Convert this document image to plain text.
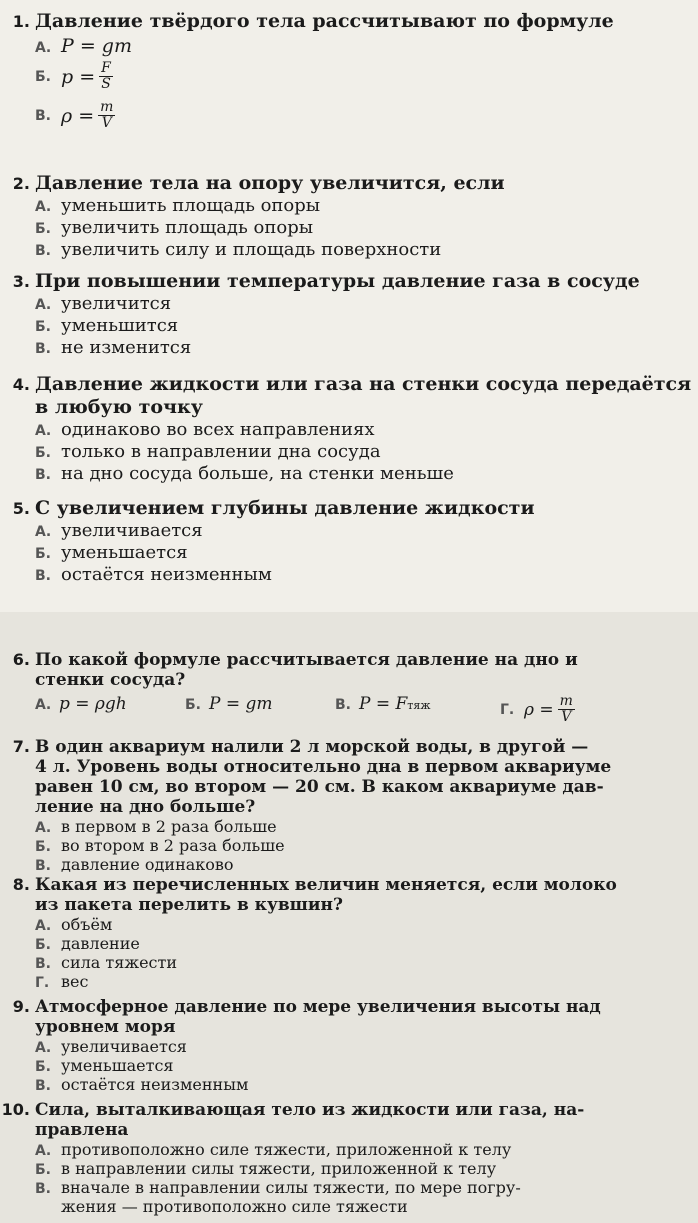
1. Давление твёрдого тела рассчитывают по формуле
А. P = gm
Б. $p = \frac{F}{S}$
В. $\rho = \frac{m}{V}$
2. Давление тела на опору увеличится, если
А. уменьшить площадь опоры
Б. увеличить площадь опоры
В. увеличить силу и площадь поверхности
3. При повышении температуры давление газа в сосуде
А. увеличится
Б. уменьшится
В. не изменится
4. Давление жидкости или газа на стенки сосуда передаётся
в любую точку
А. одинаково во всех направлениях
Б. только в направлении дна сосуда
В. на дно сосуда больше, на стенки меньше
5. С увеличением глубины давление жидкости
А. увеличивается
Б. уменьшается
В. остаётся неизменным
6. По какой формуле рассчитывается давление на дно и
стенки сосуда?
А. p = ρgh	Б. P = gm	В. P = F тяж	Г. $\rho = \frac{m}{V}$
7. В один аквариум налили 2 л морской воды, в другой —
4 л. Уровень воды относительно дна в первом аквариуме
равен 10 см, во втором — 20 см. В каком аквариуме дав-
ление на дно больше?
А. в первом в 2 раза больше
Б. во втором в 2 раза больше
В. давление одинаково
8. Какая из перечисленных величин меняется, если молоко
из пакета перелить в кувшин?
А. объём
Б. давление
В. сила тяжести
Г. вес
9. Атмосферное давление по мере увеличения высоты над
уровнем моря
А. увеличивается
Б. уменьшается
В. остаётся неизменным
10. Сила, выталкивающая тело из жидкости или газа, на-
правлена
А. противоположно силе тяжести, приложенной к телу
Б. в направлении силы тяжести, приложенной к телу
В. вначале в направлении силы тяжести, по мере погру-
жения — противоположно силе тяжести
